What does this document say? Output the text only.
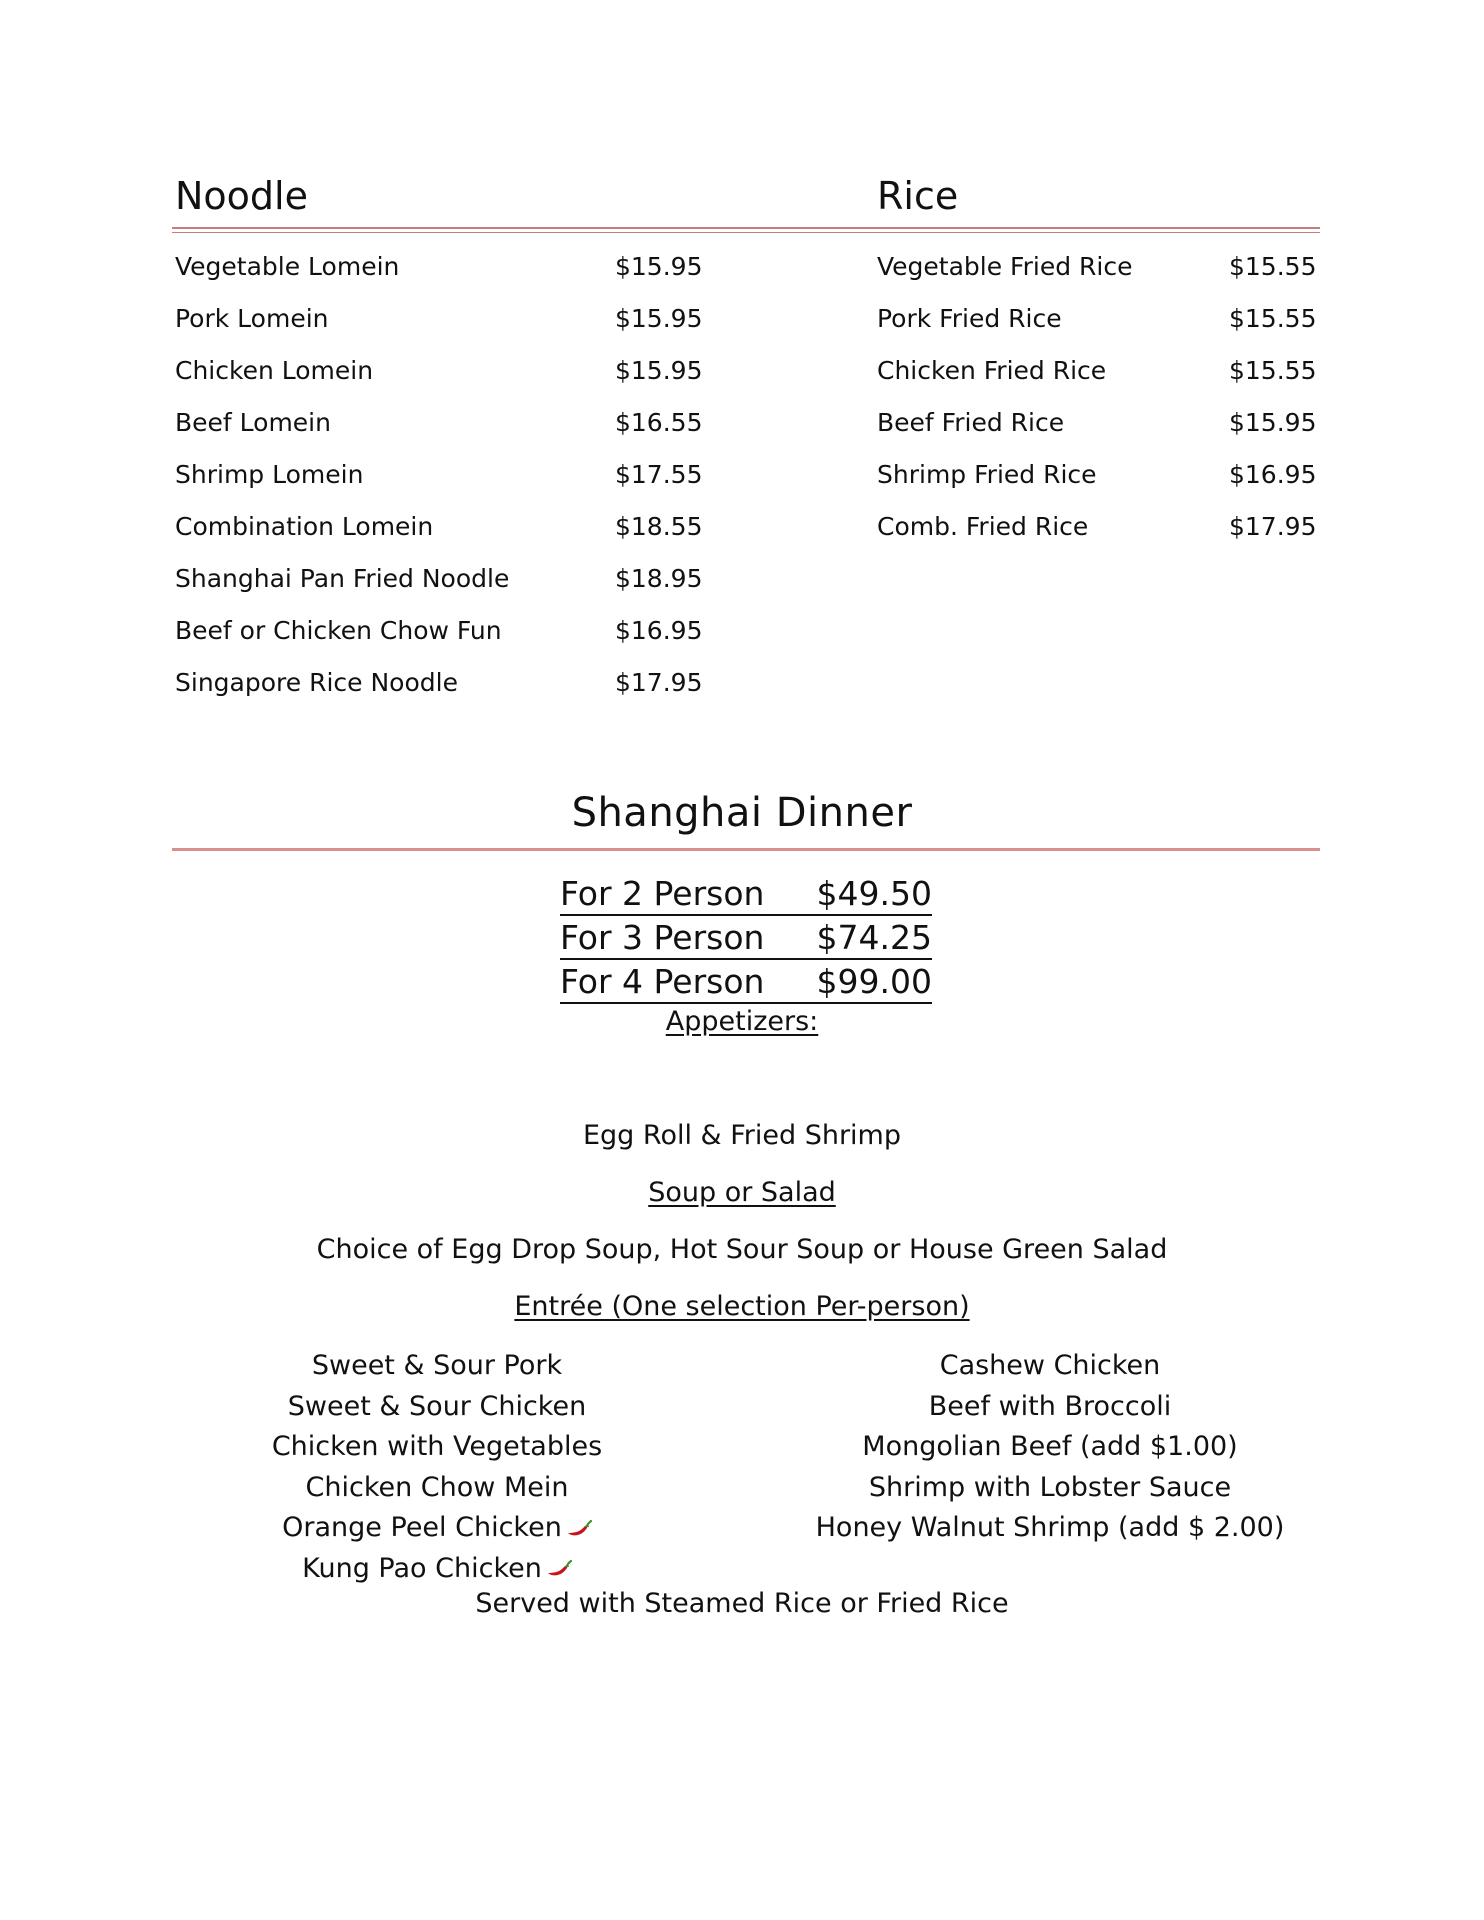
Noodle	Rice
Vegetable Lomein	$15.95
Pork Lomein	$15.95
Chicken Lomein	$15.95
Beef Lomein	$16.55
Shrimp Lomein	$17.55
Combination Lomein	$18.55
Shanghai Pan Fried Noodle	$18.95
Beef or Chicken Chow Fun	$16.95
Singapore Rice Noodle	$17.95
Vegetable Fried Rice	$15.55
Pork Fried Rice	$15.55
Chicken Fried Rice	$15.55
Beef Fried Rice	$15.95
Shrimp Fried Rice	$16.95
Comb. Fried Rice	$17.95
Shanghai Dinner
For 2 Person $49.50
For 3 Person $74.25
For 4 Person $99.00
Appetizers:
Egg Roll & Fried Shrimp
Soup or Salad
Choice of Egg Drop Soup, Hot Sour Soup or House Green Salad
Entrée (One selection Per-person)
Sweet & Sour Pork
Sweet & Sour Chicken
Chicken with Vegetables
Chicken Chow Mein
Orange Peel Chicken
Kung Pao Chicken
Cashew Chicken
Beef with Broccoli
Mongolian Beef (add $1.00)
Shrimp with Lobster Sauce
Honey Walnut Shrimp (add $ 2.00)
Served with Steamed Rice or Fried Rice
